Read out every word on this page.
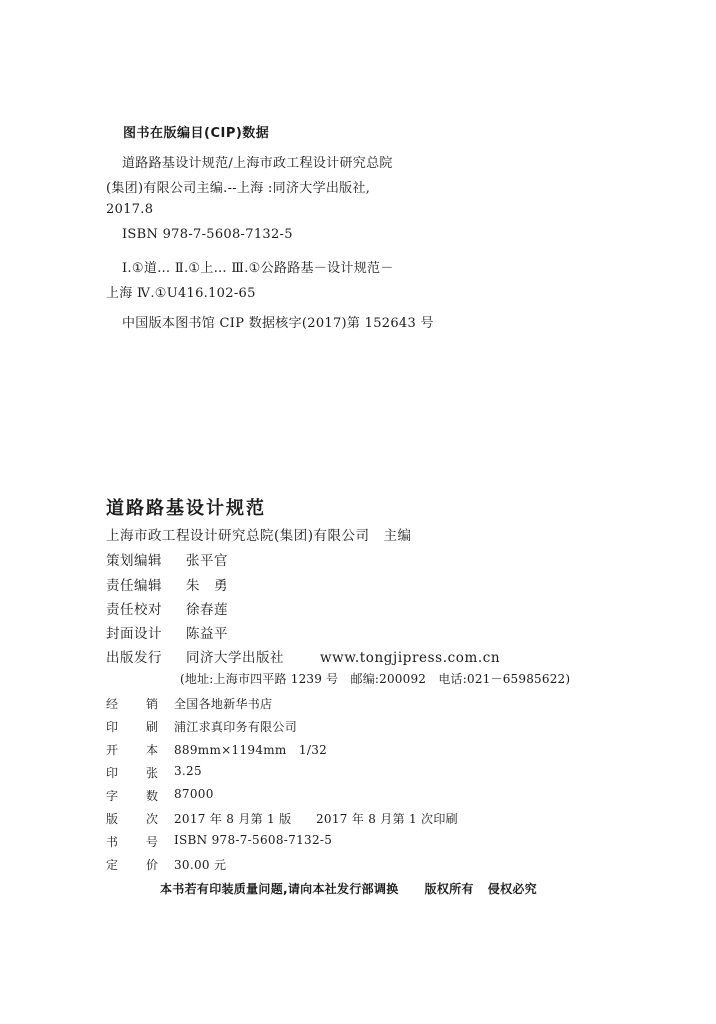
图书在版编目(CIP)数据
道路路基设计规范/上海市政工程设计研究总院
(集团)有限公司主编.--上海 :同济大学出版社,
2017.8
ISBN 978-7-5608-7132-5
Ⅰ.①道… Ⅱ.①上… Ⅲ.①公路路基－设计规范－
上海 Ⅳ.①U416.102-65
中国版本图书馆 CIP 数据核字(2017)第 152643 号
道路路基设计规范
上海市政工程设计研究总院(集团)有限公司　主编
策划编辑 张平官
责任编辑 朱　勇
责任校对 徐春莲
封面设计 陈益平
出版发行 同济大学出版社	www.tongjipress.com.cn
(地址:上海市四平路 1239 号　邮编:200092　电话:021－65985622)
经 销 全国各地新华书店
印 刷 浦江求真印务有限公司
开 本 889mm×1194mm　1/32
印 张 3.25
字 数 87000
版 次 2017 年 8 月第 1 版　　2017 年 8 月第 1 次印刷
书 号 ISBN 978-7-5608-7132-5
定 价 30.00 元
本书若有印装质量问题,请向本社发行部调换 版权所有 侵权必究
